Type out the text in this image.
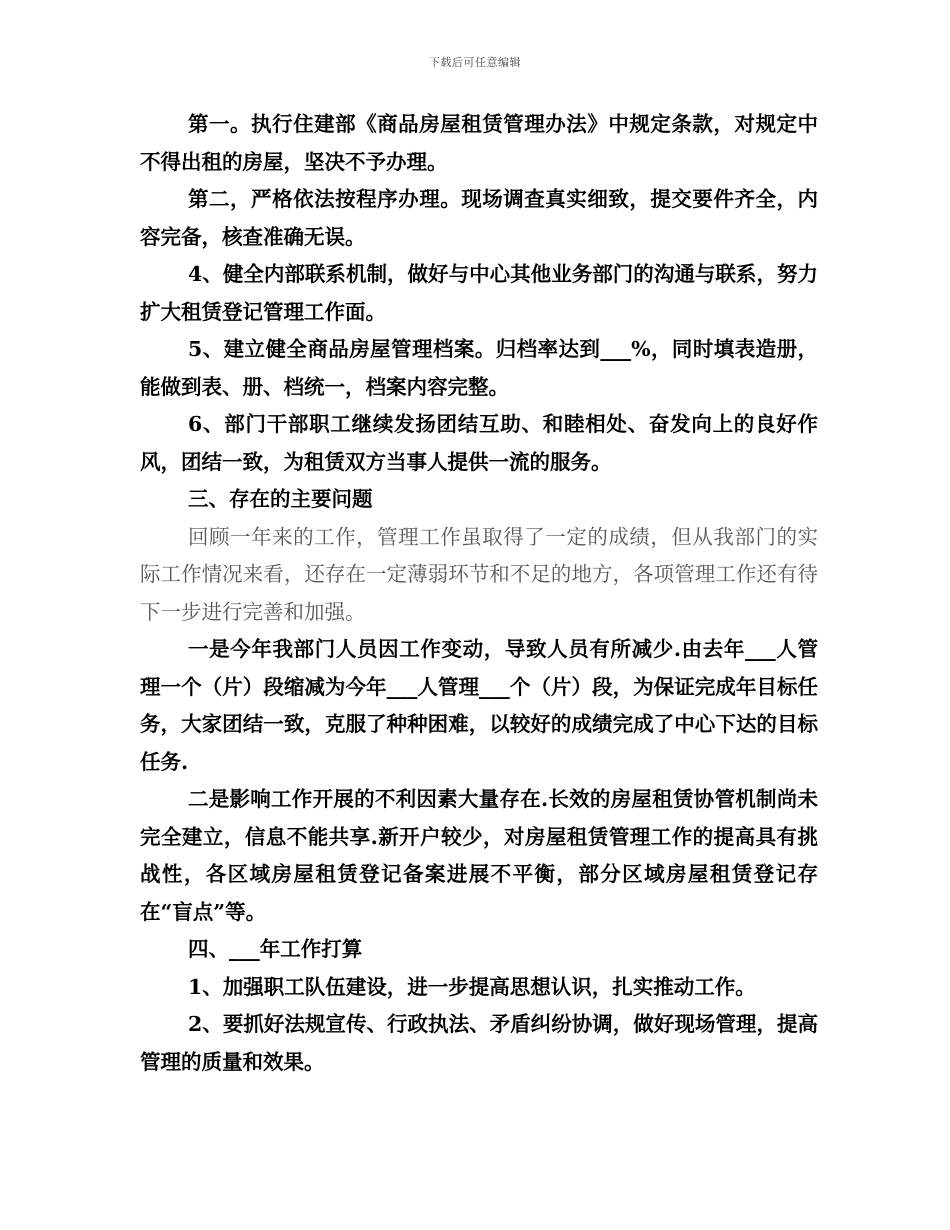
下载后可任意编辑

第一。执行住建部《商品房屋租赁管理办法》中规定条款，对规定中不得出租的房屋，坚决不予办理。

第二，严格依法按程序办理。现场调查真实细致，提交要件齐全，内容完备，核查准确无误。

4、健全内部联系机制，做好与中心其他业务部门的沟通与联系，努力扩大租赁登记管理工作面。

5、建立健全商品房屋管理档案。归档率达到___%，同时填表造册，能做到表、册、档统一，档案内容完整。

6、部门干部职工继续发扬团结互助、和睦相处、奋发向上的良好作风，团结一致，为租赁双方当事人提供一流的服务。

三、存在的主要问题

回顾一年来的工作，管理工作虽取得了一定的成绩，但从我部门的实际工作情况来看，还存在一定薄弱环节和不足的地方，各项管理工作还有待下一步进行完善和加强。

一是今年我部门人员因工作变动，导致人员有所减少.由去年___人管理一个（片）段缩减为今年___人管理___个（片）段，为保证完成年目标任务，大家团结一致，克服了种种困难，以较好的成绩完成了中心下达的目标任务.

二是影响工作开展的不利因素大量存在.长效的房屋租赁协管机制尚未完全建立，信息不能共享.新开户较少，对房屋租赁管理工作的提高具有挑战性，各区域房屋租赁登记备案进展不平衡，部分区域房屋租赁登记存在“盲点”等。

四、___年工作打算

1、加强职工队伍建设，进一步提高思想认识，扎实推动工作。

2、要抓好法规宣传、行政执法、矛盾纠纷协调，做好现场管理，提高管理的质量和效果。
